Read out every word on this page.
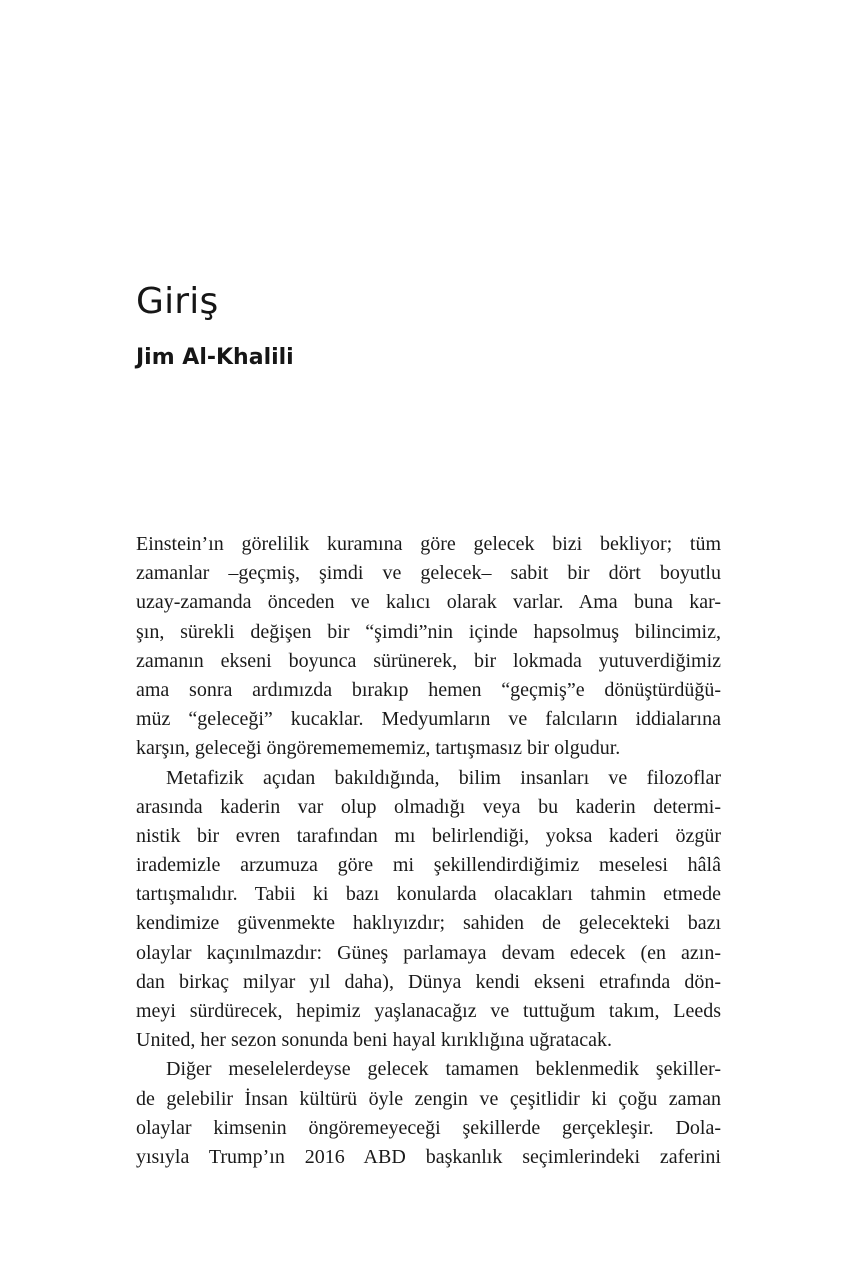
Giriş
Jim Al-Khalili

Einstein’ın görelilik kuramına göre gelecek bizi bekliyor; tüm
zamanlar –geçmiş, şimdi ve gelecek– sabit bir dört boyutlu
uzay-zamanda önceden ve kalıcı olarak varlar. Ama buna kar-
şın, sürekli değişen bir “şimdi”nin içinde hapsolmuş bilincimiz,
zamanın ekseni boyunca sürünerek, bir lokmada yutuverdiğimiz
ama sonra ardımızda bırakıp hemen “geçmiş”e dönüştürdüğü-
müz “geleceği” kucaklar. Medyumların ve falcıların iddialarına
karşın, geleceği öngörememememiz, tartışmasız bir olgudur.

Metafizik açıdan bakıldığında, bilim insanları ve filozoflar
arasında kaderin var olup olmadığı veya bu kaderin determi-
nistik bir evren tarafından mı belirlendiği, yoksa kaderi özgür
irademizle arzumuza göre mi şekillendirdiğimiz meselesi hâlâ
tartışmalıdır. Tabii ki bazı konularda olacakları tahmin etmede
kendimize güvenmekte haklıyızdır; sahiden de gelecekteki bazı
olaylar kaçınılmazdır: Güneş parlamaya devam edecek (en azın-
dan birkaç milyar yıl daha), Dünya kendi ekseni etrafında dön-
meyi sürdürecek, hepimiz yaşlanacağız ve tuttuğum takım, Leeds
United, her sezon sonunda beni hayal kırıklığına uğratacak.

Diğer meselelerdeyse gelecek tamamen beklenmedik şekiller-
de gelebilir İnsan kültürü öyle zengin ve çeşitlidir ki çoğu zaman
olaylar kimsenin öngöremeyeceği şekillerde gerçekleşir. Dola-
yısıyla Trump’ın 2016 ABD başkanlık seçimlerindeki zaferini
